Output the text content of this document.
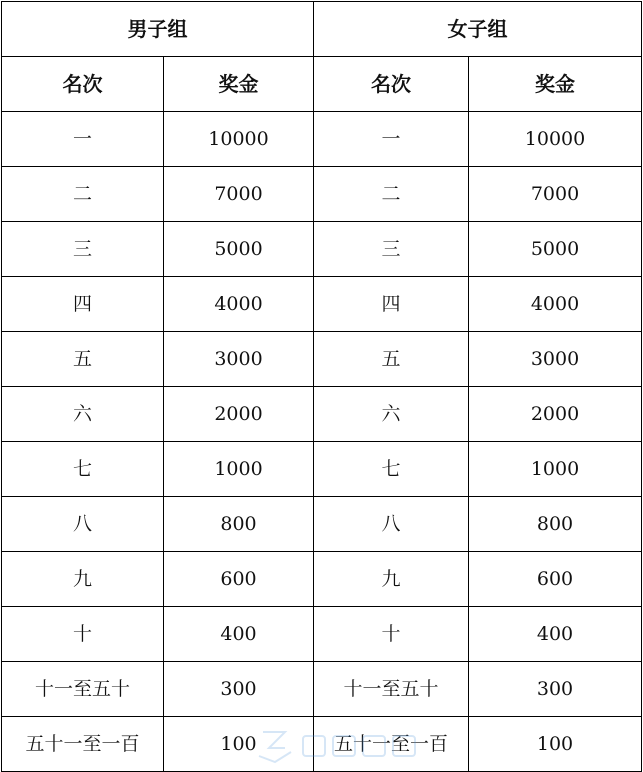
男子组		女子组	
名次	奖金	名次	奖金
一	10000	一	10000
二	7000	二	7000
三	5000	三	5000
四	4000	四	4000
五	3000	五	3000
六	2000	六	2000
七	1000	七	1000
八	800	八	800
九	600	九	600
十	400	十	400
十一至五十	300	十一至五十	300
五十一至一百	100	五十一至一百	100
